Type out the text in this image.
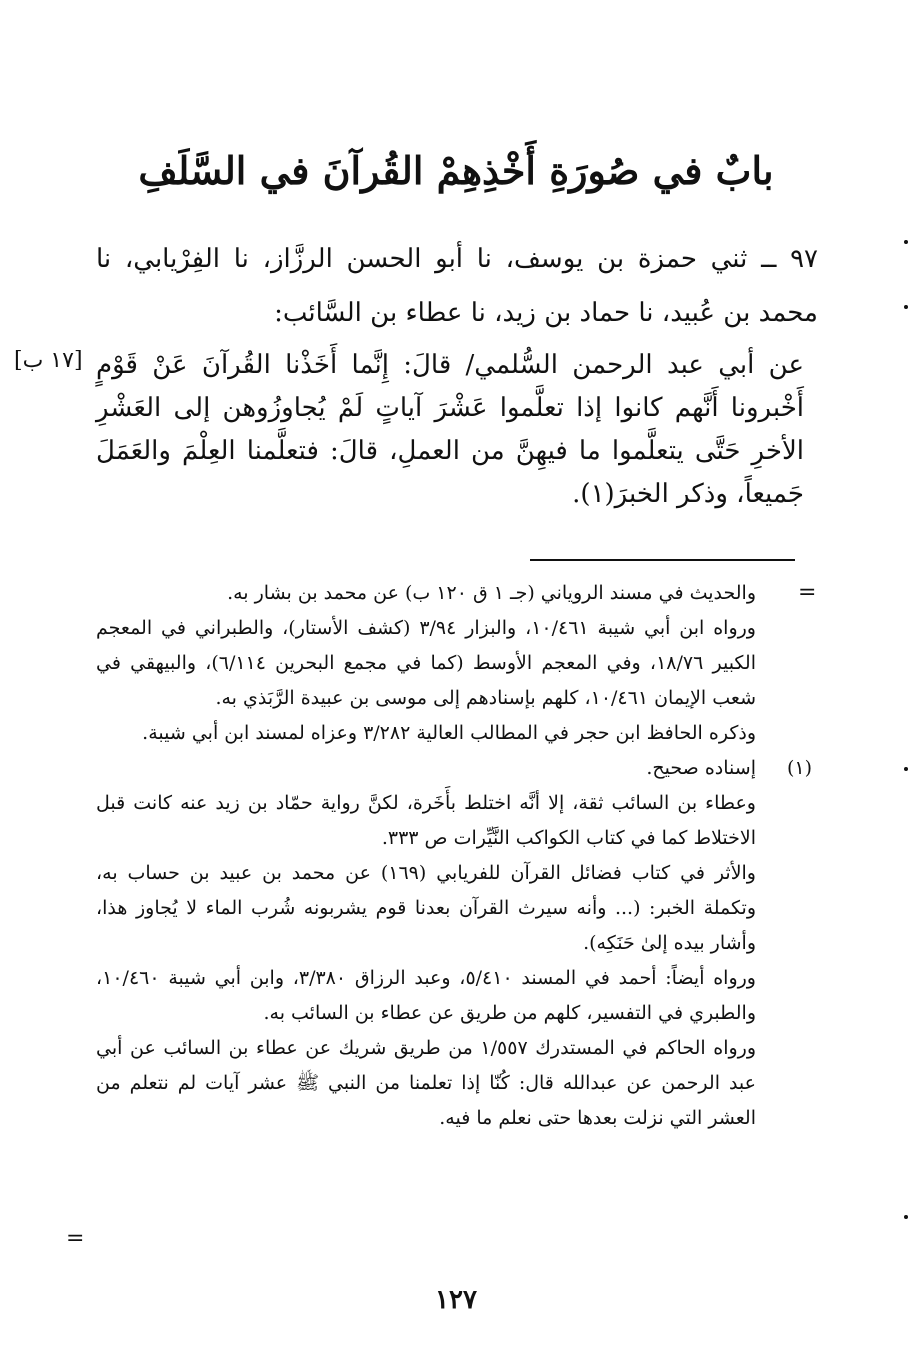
بابٌ في صُورَةِ أَخْذِهِمْ القُرآنَ في السَّلَفِ
٩٧ ــ ثني حمزة بن يوسف، نا أبو الحسن الرزَّاز، نا الفِرْيابي، نا محمد بن عُبيد، نا حماد بن زيد، نا عطاء بن السَّائب:
عن أبي عبد الرحمن السُّلمي/ قالَ: إِنَّما أَخَذْنا القُرآنَ عَنْ قَوْمٍ أَخْبرونا أَنَّهم كانوا إذا تعلَّموا عَشْرَ آياتٍ لَمْ يُجاوزُوهن إلى العَشْرِ الأخرِ حَتَّى يتعلَّموا ما فيهِنَّ من العملِ، قالَ: فتعلَّمنا العِلْمَ والعَمَلَ جَميعاً، وذكر الخبرَ(١).
[١٧ ب]
=

والحديث في مسند الروياني (جـ ١ ق ١٢٠ ب) عن محمد بن بشار به.

ورواه ابن أبي شيبة ١٠/٤٦١، والبزار ٣/٩٤ (كشف الأستار)، والطبراني في المعجم الكبير ١٨/٧٦، وفي المعجم الأوسط (كما في مجمع البحرين ٦/١١٤)، والبيهقي في شعب الإيمان ١٠/٤٦١، كلهم بإسنادهم إلى موسى بن عبيدة الرَّبَذي به.

وذكره الحافظ ابن حجر في المطالب العالية ٣/٢٨٢ وعزاه لمسند ابن أبي شيبة.

(١)

إسناده صحيح.

وعطاء بن السائب ثقة، إلا أنَّه اختلط بأَخَرة، لكنَّ رواية حمّاد بن زيد عنه كانت قبل الاختلاط كما في كتاب الكواكب النَّيِّرات ص ٣٣٣.

والأثر في كتاب فضائل القرآن للفريابي (١٦٩) عن محمد بن عبيد بن حساب به، وتكملة الخبر: (... وأنه سيرث القرآن بعدنا قوم يشربونه شُرب الماء لا يُجاوز هذا، وأشار بيده إلىٰ حَنَكِه).

ورواه أيضاً: أحمد في المسند ٥/٤١٠، وعبد الرزاق ٣/٣٨٠، وابن أبي شيبة ١٠/٤٦٠، والطبري في التفسير، كلهم من طريق عن عطاء بن السائب به.

ورواه الحاكم في المستدرك ١/٥٥٧ من طريق شريك عن عطاء بن السائب عن أبي عبد الرحمن عن عبدالله قال: كُنّا إذا تعلمنا من النبي ﷺ عشر آيات لم نتعلم من العشر التي نزلت بعدها حتى نعلم ما فيه.

=
١٢٧
